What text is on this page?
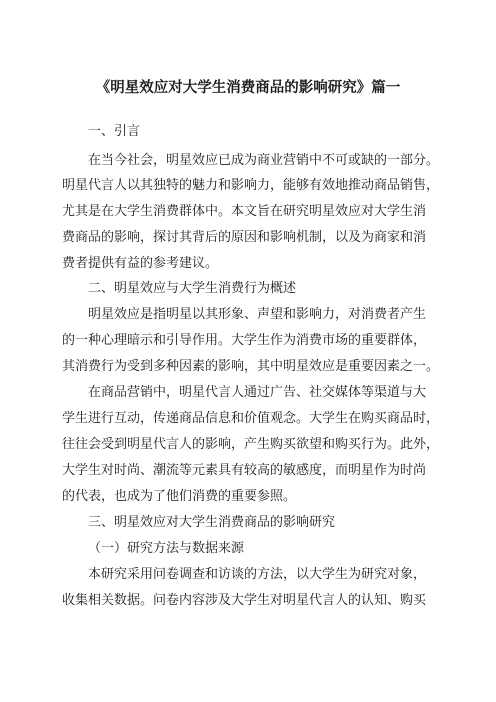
《明星效应对大学生消费商品的影响研究》篇一
一、引言
在当今社会，明星效应已成为商业营销中不可或缺的一部分。
明星代言人以其独特的魅力和影响力，能够有效地推动商品销售，
尤其是在大学生消费群体中。本文旨在研究明星效应对大学生消
费商品的影响，探讨其背后的原因和影响机制，以及为商家和消
费者提供有益的参考建议。
二、明星效应与大学生消费行为概述
明星效应是指明星以其形象、声望和影响力，对消费者产生
的一种心理暗示和引导作用。大学生作为消费市场的重要群体，
其消费行为受到多种因素的影响，其中明星效应是重要因素之一。
在商品营销中，明星代言人通过广告、社交媒体等渠道与大
学生进行互动，传递商品信息和价值观念。大学生在购买商品时，
往往会受到明星代言人的影响，产生购买欲望和购买行为。此外，
大学生对时尚、潮流等元素具有较高的敏感度，而明星作为时尚
的代表，也成为了他们消费的重要参照。
三、明星效应对大学生消费商品的影响研究
（一）研究方法与数据来源
本研究采用问卷调查和访谈的方法，以大学生为研究对象，
收集相关数据。问卷内容涉及大学生对明星代言人的认知、购买
